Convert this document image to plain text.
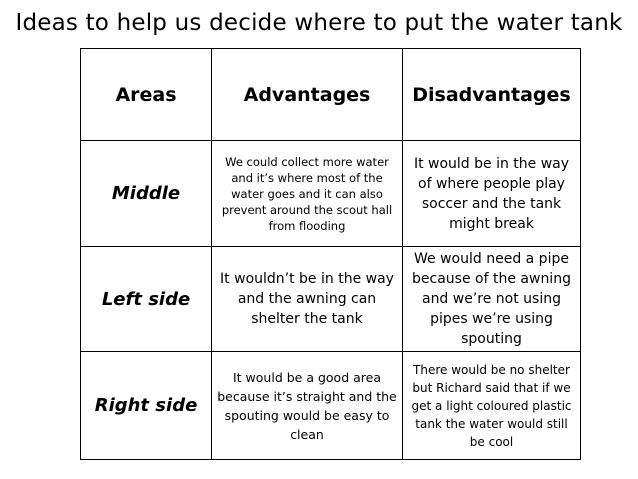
Ideas to help us decide where to put the water tank
Areas	Advantages	Disadvantages
Middle	We could collect more water and it’s where most of the water goes and it can also prevent around the scout hall from flooding	It would be in the way of where people play soccer and the tank might break
Left side	It wouldn’t be in the way and the awning can shelter the tank	We would need a pipe because of the awning and we’re not using pipes we’re using spouting
Right side	It would be a good area because it’s straight and the spouting would be easy to clean	There would be no shelter but Richard said that if we get a light coloured plastic tank the water would still be cool
